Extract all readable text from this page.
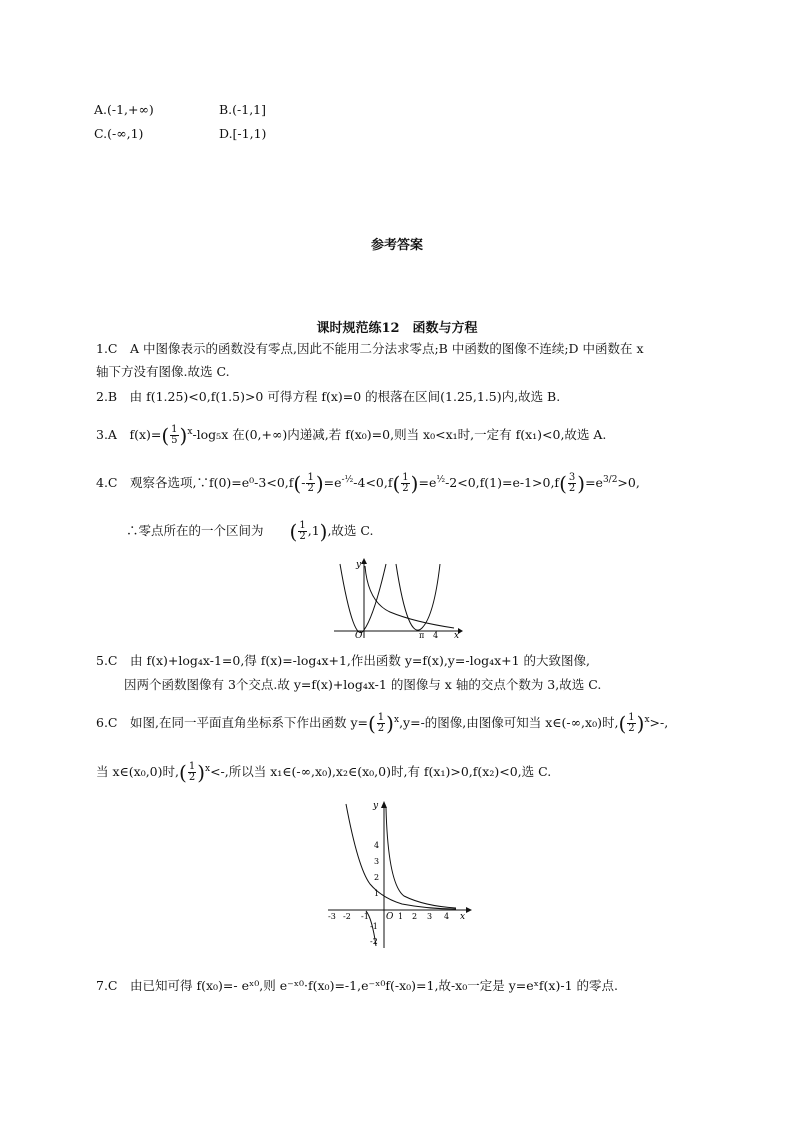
A.(-1,+∞)	B.(-1,1]
C.(-∞,1)	D.[-1,1)
参考答案
课时规范练12　函数与方程
1.C　A 中图像表示的函数没有零点,因此不能用二分法求零点;B 中函数的图像不连续;D 中函数在 x
轴下方没有图像.故选 C.
2.B　由 f(1.25)<0,f(1.5)>0 可得方程 f(x)=0 的根落在区间(1.25,1.5)内,故选 B.
3.A　$f(x)=( \frac{1}{5} )^x-\log_5x$ 在(0,+∞)内递减,若 f(x₀)=0,则当 x₀<x₁时,一定有 f(x₁)<0,故选 A.
4.C　观察各选项,∵f(0)=e⁰-3<0,f(- $\frac{1}{2} )=e^{-\frac{1}{2}}-4<0,f( \frac{1}{2} )=e^{\frac{1}{2}}-2<0,f(1)=e-1>0,f( \frac{3}{2} )=e^{3/2}>0$,
∴零点所在的一个区间为 ( $\frac{1}{2} ,1$),故选 C.
y
x
O	π 4
5.C　由 f(x)+log₄x-1=0,得 f(x)=-log₄x+1,作出函数 y=f(x),y=-log₄x+1 的大致图像,
因两个函数图像有 3个交点.故 y=f(x)+log₄x-1 的图像与 x 轴的交点个数为 3,故选 C.
6.C　如图,在同一平面直角坐标系下作出函数 $y=( \frac{1}{2} )^x,y=-$的图像,由图像可知当 x∈(-∞,x₀)时,( $\frac{1}{2} )^x>-$,
当 x∈(x₀,0)时,( $\frac{1}{2} )^x<-$,所以当 x₁∈(-∞,x₀),x₂∈(x₀,0)时,有 f(x₁)>0,f(x₂)<0,选 C.
y
x
O
-3 -2 -1	1 2 3 4
4
3
2
1
-1
-2
7.C　由已知可得 f(x₀)=- eˣ⁰,则 e⁻ˣ⁰·f(x₀)=-1,e⁻ˣ⁰f(-x₀)=1,故-x₀一定是 y=eˣf(x)-1 的零点.
